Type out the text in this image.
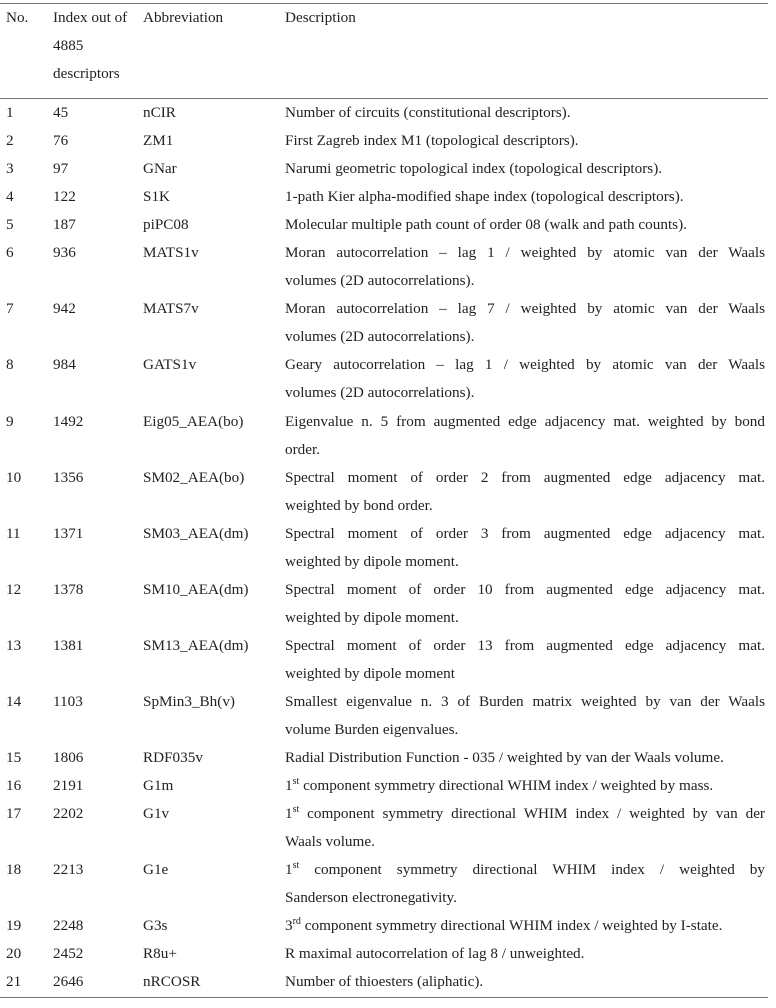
No.	Index out of
4885
descriptors	Abbreviation	Description
1	45	nCIR	Number of circuits (constitutional descriptors).

2	76	ZM1	First Zagreb index M1 (topological descriptors).

3	97	GNar	Narumi geometric topological index (topological descriptors).

4	122	S1K	1-path Kier alpha-modified shape index (topological descriptors).

5	187	piPC08	Molecular multiple path count of order 08 (walk and path counts).

6	936	MATS1v	Moran autocorrelation – lag 1 / weighted by atomic van der Waals
volumes (2D autocorrelations).

7	942	MATS7v	Moran autocorrelation – lag 7 / weighted by atomic van der Waals
volumes (2D autocorrelations).

8	984	GATS1v	Geary autocorrelation – lag 1 / weighted by atomic van der Waals
volumes (2D autocorrelations).

9	1492	Eig05_AEA(bo)	Eigenvalue n. 5 from augmented edge adjacency mat. weighted by bond
order.

10	1356	SM02_AEA(bo)	Spectral moment of order 2 from augmented edge adjacency mat.
weighted by bond order.

11	1371	SM03_AEA(dm)	Spectral moment of order 3 from augmented edge adjacency mat.
weighted by dipole moment.

12	1378	SM10_AEA(dm)	Spectral moment of order 10 from augmented edge adjacency mat.
weighted by dipole moment.

13	1381	SM13_AEA(dm)	Spectral moment of order 13 from augmented edge adjacency mat.
weighted by dipole moment

14	1103	SpMin3_Bh(v)	Smallest eigenvalue n. 3 of Burden matrix weighted by van der Waals
volume Burden eigenvalues.

15	1806	RDF035v	Radial Distribution Function - 035 / weighted by van der Waals volume.

16	2191	G1m	1st component symmetry directional WHIM index / weighted by mass.

17	2202	G1v	1st component symmetry directional WHIM index / weighted by van der
Waals volume.

18	2213	G1e	1st component symmetry directional WHIM index / weighted by
Sanderson electronegativity.

19	2248	G3s	3rd component symmetry directional WHIM index / weighted by I-state.

20	2452	R8u+	R maximal autocorrelation of lag 8 / unweighted.

21	2646	nRCOSR	Number of thioesters (aliphatic).
